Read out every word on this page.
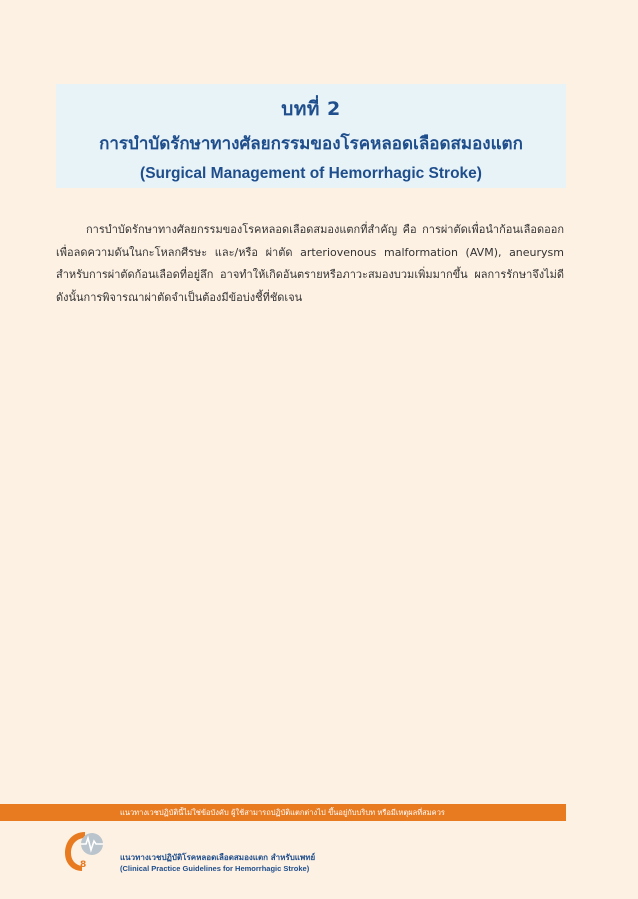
บทที่ 2
การบำบัดรักษาทางศัลยกรรมของโรคหลอดเลือดสมองแตก
(Surgical Management of Hemorrhagic Stroke)

การบำบัดรักษาทางศัลยกรรมของโรคหลอดเลือดสมองแตกที่สำคัญ คือ การผ่าตัดเพื่อนำก้อนเลือดออก เพื่อลดความดันในกะโหลกศีรษะ และ/หรือ ผ่าตัด arteriovenous malformation (AVM), aneurysm สำหรับการผ่าตัดก้อนเลือดที่อยู่ลึก อาจทำให้เกิดอันตรายหรือภาวะสมองบวมเพิ่มมากขึ้น ผลการรักษาจึงไม่ดี ดังนั้นการพิจารณาผ่าตัดจำเป็นต้องมีข้อบ่งชี้ที่ชัดเจน

แนวทางเวชปฏิบัตินี้ไม่ใช่ข้อบังคับ ผู้ใช้สามารถปฏิบัติแตกต่างไป ขึ้นอยู่กับบริบท หรือมีเหตุผลที่สมควร
8
แนวทางเวชปฏิบัติโรคหลอดเลือดสมองแตก สำหรับแพทย์
(Clinical Practice Guidelines for Hemorrhagic Stroke)
